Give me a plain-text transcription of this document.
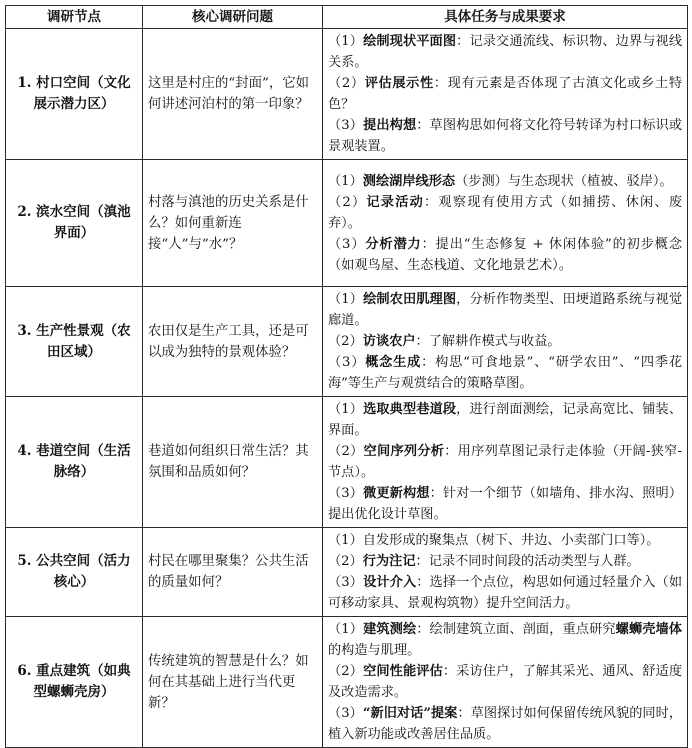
调研节点	核心调研问题	具体任务与成果要求
1. 村口空间（文化展示潜力区）	这里是村庄的“封面”，它如何讲述河泊村的第一印象？	（1）绘制现状平面图：记录交通流线、标识物、边界与视线关系。
（2）评估展示性：现有元素是否体现了古滇文化或乡土特色？
（3）提出构想：草图构思如何将文化符号转译为村口标识或景观装置。

2. 滨水空间（滇池界面）	村落与滇池的历史关系是什么？如何重新连接“人”与“水”？	（1）测绘湖岸线形态（步测）与生态现状（植被、驳岸）。
（2）记录活动：观察现有使用方式（如捕捞、休闲、废弃）。
（3）分析潜力：提出“生态修复 + 休闲体验”的初步概念（如观鸟屋、生态栈道、文化地景艺术）。

3. 生产性景观（农田区域）	农田仅是生产工具，还是可以成为独特的景观体验？	（1）绘制农田肌理图，分析作物类型、田埂道路系统与视觉廊道。
（2）访谈农户：了解耕作模式与收益。
（3）概念生成：构思“可食地景”、“研学农田”、“四季花海”等生产与观赏结合的策略草图。

4. 巷道空间（生活脉络）	巷道如何组织日常生活？其氛围和品质如何？	（1）选取典型巷道段，进行剖面测绘，记录高宽比、铺装、界面。
（2）空间序列分析：用序列草图记录行走体验（开阔-狭窄-节点）。
（3）微更新构想：针对一个细节（如墙角、排水沟、照明）提出优化设计草图。

5. 公共空间（活力核心）	村民在哪里聚集？公共生活的质量如何？	（1）自发形成的聚集点（树下、井边、小卖部门口等）。
（2）行为注记：记录不同时间段的活动类型与人群。
（3）设计介入：选择一个点位，构思如何通过轻量介入（如可移动家具、景观构筑物）提升空间活力。

6. 重点建筑（如典型螺蛳壳房）	传统建筑的智慧是什么？如何在其基础上进行当代更新？	（1）建筑测绘：绘制建筑立面、剖面，重点研究螺蛳壳墙体的构造与肌理。
（2）空间性能评估：采访住户，了解其采光、通风、舒适度及改造需求。
（3）“新旧对话”提案：草图探讨如何保留传统风貌的同时，植入新功能或改善居住品质。
